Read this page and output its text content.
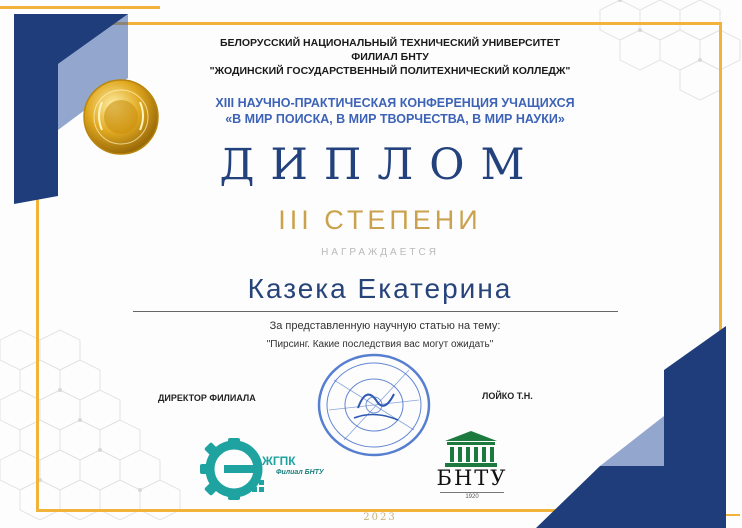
БЕЛОРУССКИЙ НАЦИОНАЛЬНЫЙ ТЕХНИЧЕСКИЙ УНИВЕРСИТЕТ
ФИЛИАЛ БНТУ
"ЖОДИНСКИЙ ГОСУДАРСТВЕННЫЙ ПОЛИТЕХНИЧЕСКИЙ КОЛЛЕДЖ"
XIII НАУЧНО-ПРАКТИЧЕСКАЯ КОНФЕРЕНЦИЯ УЧАЩИХСЯ
«В МИР ПОИСКА, В МИР ТВОРЧЕСТВА, В МИР НАУКИ»
ДИПЛОМ
III СТЕПЕНИ
НАГРАЖДАЕТСЯ
Казека Екатерина
За представленную научную статью на тему:
"Пирсинг. Какие последствия вас могут ожидать"
ДИРЕКТОР ФИЛИАЛА	ЛОЙКО Т.Н.
ЖГПК
Филиал БНТУ	БНТУ
1920
2023
